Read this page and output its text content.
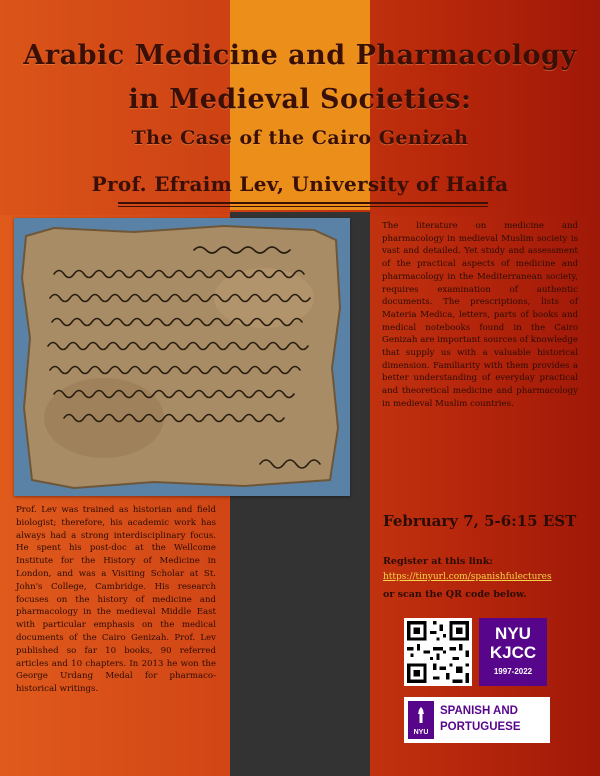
Arabic Medicine and Pharmacology
in Medieval Societies:
The Case of the Cairo Genizah
Prof. Efraim Lev, University of Haifa

The literature on medicine and pharmacology in medieval Muslim society is vast and detailed. Yet study and assessment of the practical aspects of medicine and pharmacology in the Mediterranean society, requires examination of authentic documents. The prescriptions, lists of Materia Medica, letters, parts of books and medical notebooks found in the Cairo Genizah are important sources of knowledge that supply us with a valuable historical dimension. Familiarity with them provides a better understanding of everyday practical and theoretical medicine and pharmacology in medieval Muslim countries.

Prof. Lev was trained as historian and field biologist; therefore, his academic work has always had a strong interdisciplinary focus. He spent his post-doc at the Wellcome Institute for the History of Medicine in London, and was a Visiting Scholar at St. John's College, Cambridge. His research focuses on the history of medicine and pharmacology in the medieval Middle East with particular emphasis on the medical documents of the Cairo Genizah. Prof. Lev published so far 10 books, 90 referred articles and 10 chapters. In 2013 he won the George Urdang Medal for pharmaco-historical writings.

February 7, 5-6:15 EST
Register at this link:
https://tinyurl.com/spanishfulectures
or scan the QR code below.
NYU
KJCC
1997-2022
NYU
SPANISH AND
PORTUGUESE
